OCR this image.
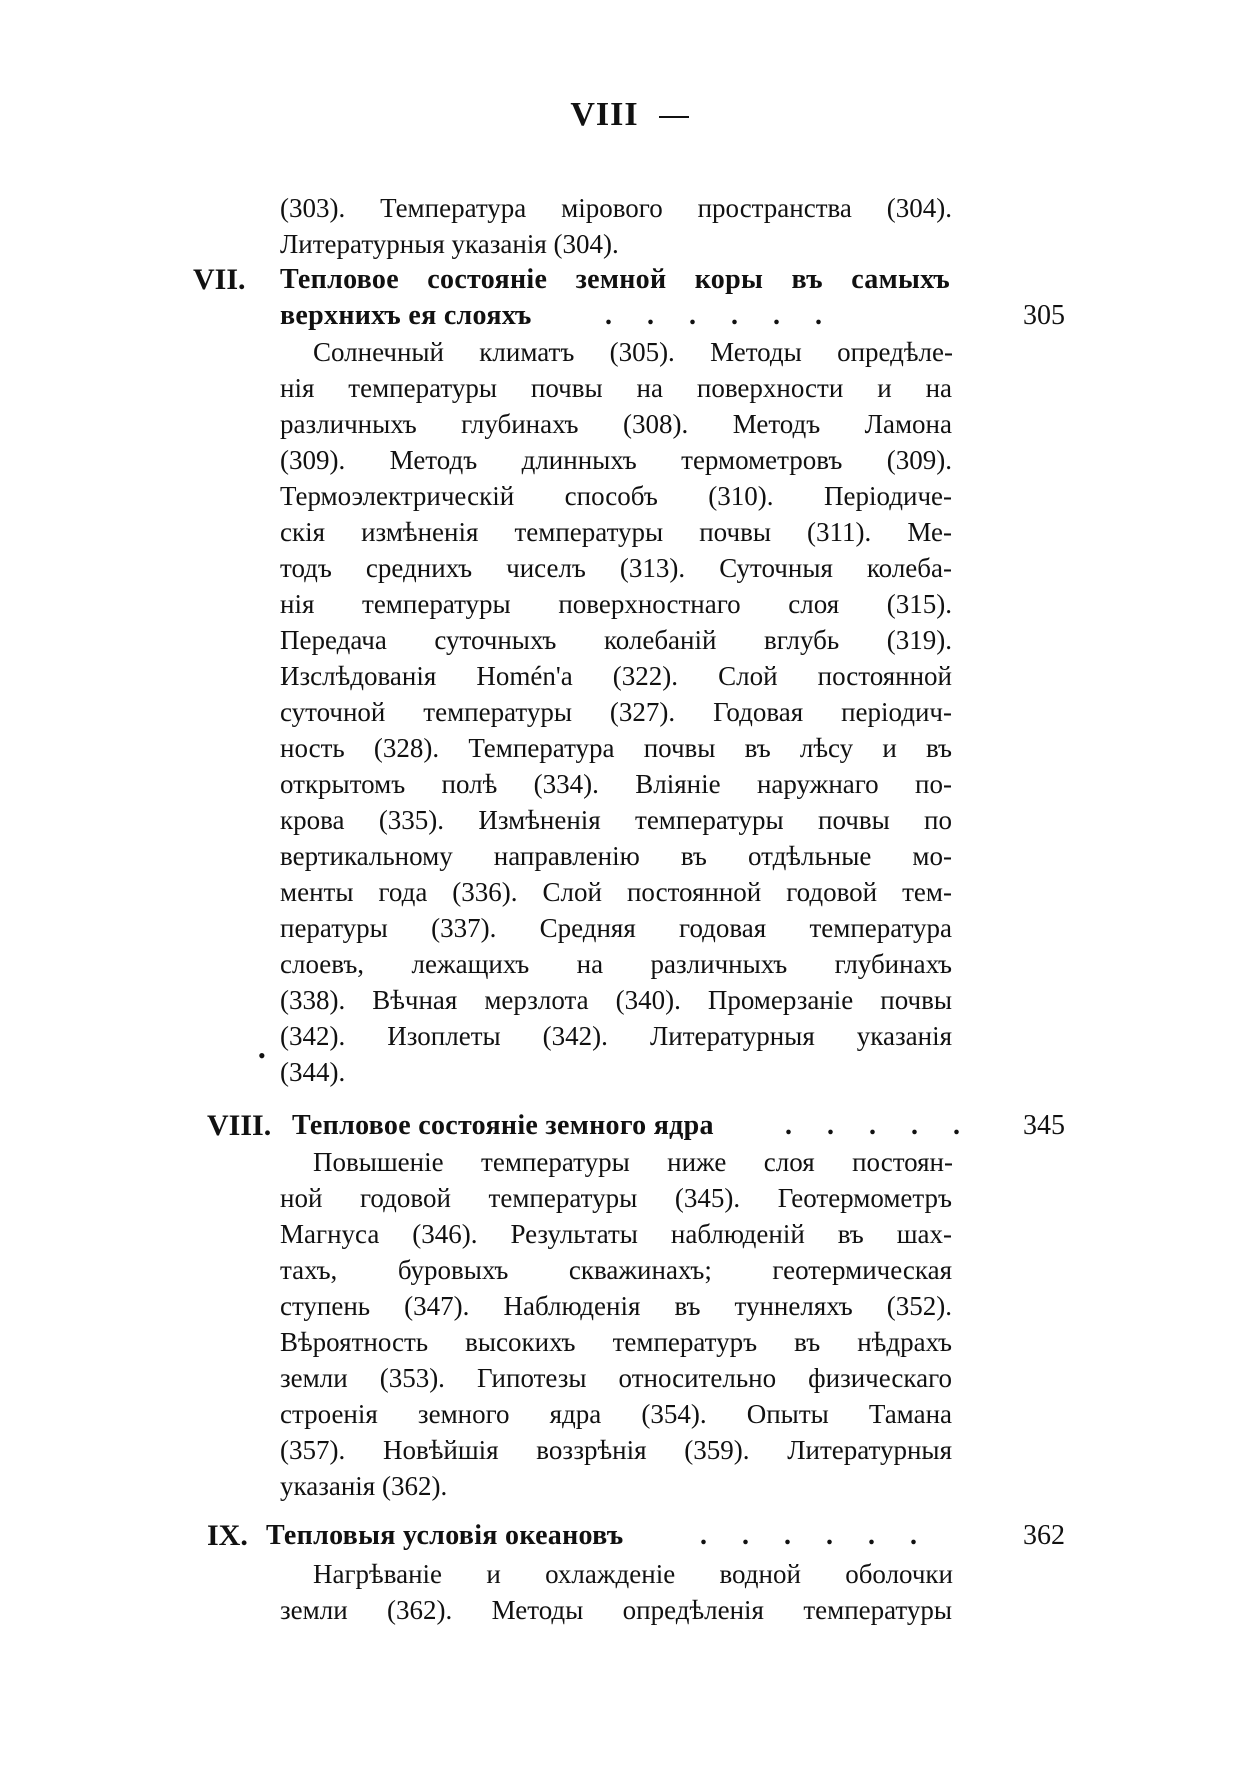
VIII
(303). Температура мірового пространства (304).
Литературныя указанія (304).
VII. Тепловое состояніе земной коры въ самыхъ
верхнихъ ея слояхъ	. . . . . .	305
Солнечный климатъ (305). Методы опредѣле-
нія температуры почвы на поверхности и на
различныхъ глубинахъ (308). Методъ Ламона
(309). Методъ длинныхъ термометровъ (309).
Термоэлектрическій способъ (310). Періодиче-
скія измѣненія температуры почвы (311). Ме-
тодъ среднихъ чиселъ (313). Суточныя колеба-
нія температуры поверхностнаго слоя (315).
Передача суточныхъ колебаній вглубь (319).
Изслѣдованія Homén'а (322). Слой постоянной
суточной температуры (327). Годовая періодич-
ность (328). Температура почвы въ лѣсу и въ
открытомъ полѣ (334). Вліяніе наружнаго по-
крова (335). Измѣненія температуры почвы по
вертикальному направленію въ отдѣльные мо-
менты года (336). Слой постоянной годовой тем-
пературы (337). Средняя годовая температура
слоевъ, лежащихъ на различныхъ глубинахъ
(338). Вѣчная мерзлота (340). Промерзаніе почвы
(342). Изоплеты (342). Литературныя указанія
(344).
•
VIII. Тепловое состояніе земного ядра	. . . . .	345
Повышеніе температуры ниже слоя постоян-
ной годовой температуры (345). Геотермометръ
Магнуса (346). Результаты наблюденій въ шах-
тахъ, буровыхъ скважинахъ; геотермическая
ступень (347). Наблюденія въ туннеляхъ (352).
Вѣроятность высокихъ температуръ въ нѣдрахъ
земли (353). Гипотезы относительно физическаго
строенія земного ядра (354). Опыты Тамана
(357). Новѣйшія воззрѣнія (359). Литературныя
указанія (362).
IX. Тепловыя условія океановъ	. . . . . .	362
Нагрѣваніе и охлажденіе водной оболочки
земли (362). Методы опредѣленія температуры
